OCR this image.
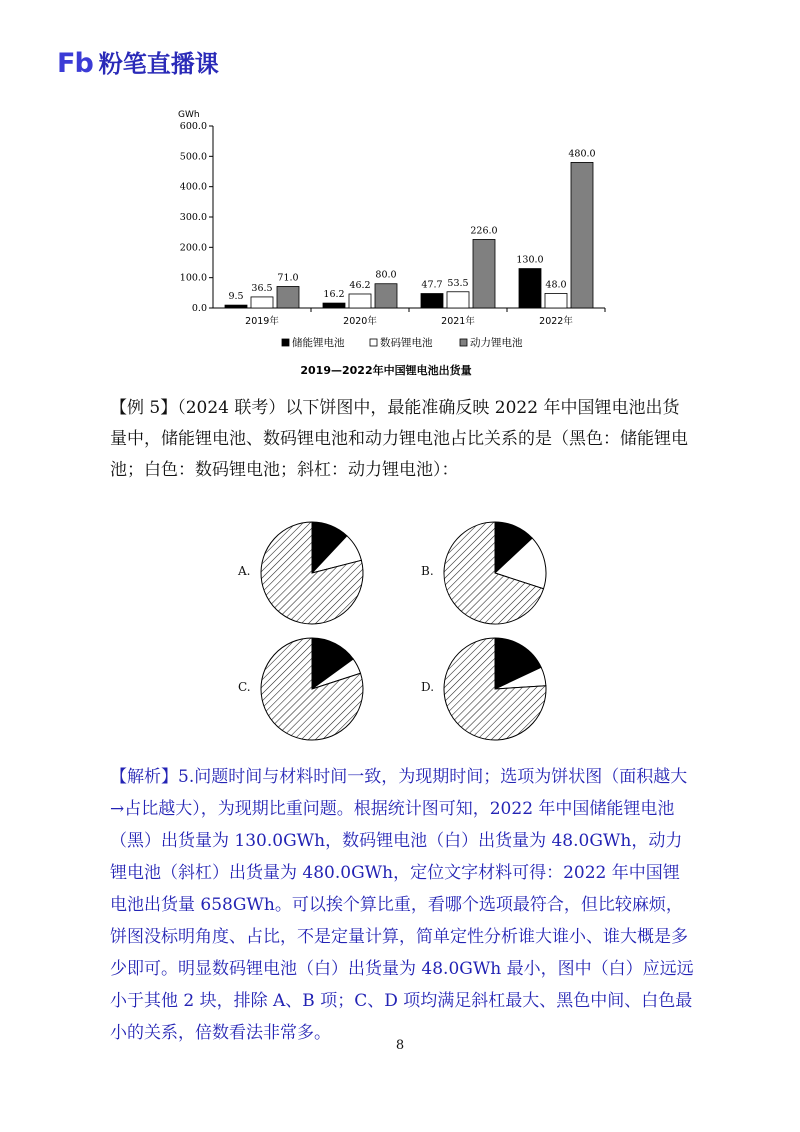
Fb 粉笔直播课
GWh
0.0
100.0
200.0
300.0
400.0
500.0
600.0
2019年
9.5
36.5
71.0
2020年
16.2
46.2
80.0
2021年
47.7 53.5
226.0
2022年
130.0
48.0
480.0
储能锂电池	数码锂电池	动力锂电池
2019—2022年中国锂电池出货量
【例 5】（2024 联考）以下饼图中，最能准确反映 2022 年中国锂电池出货量中，储能锂电池、数码锂电池和动力锂电池占比关系的是（黑色：储能锂电池；白色：数码锂电池；斜杠：动力锂电池）：
A.	B.
C.	D.
【解析】5.问题时间与材料时间一致，为现期时间；选项为饼状图（面积越大→占比越大），为现期比重问题。根据统计图可知，2022 年中国储能锂电池（黑）出货量为 130.0GWh，数码锂电池（白）出货量为 48.0GWh，动力锂电池（斜杠）出货量为 480.0GWh，定位文字材料可得：2022 年中国锂电池出货量 658GWh。可以挨个算比重，看哪个选项最符合，但比较麻烦，饼图没标明角度、占比，不是定量计算，简单定性分析谁大谁小、谁大概是多少即可。明显数码锂电池（白）出货量为 48.0GWh 最小，图中（白）应远远小于其他 2 块，排除 A、B 项；C、D 项均满足斜杠最大、黑色中间、白色最小的关系，倍数看法非常多。
8
